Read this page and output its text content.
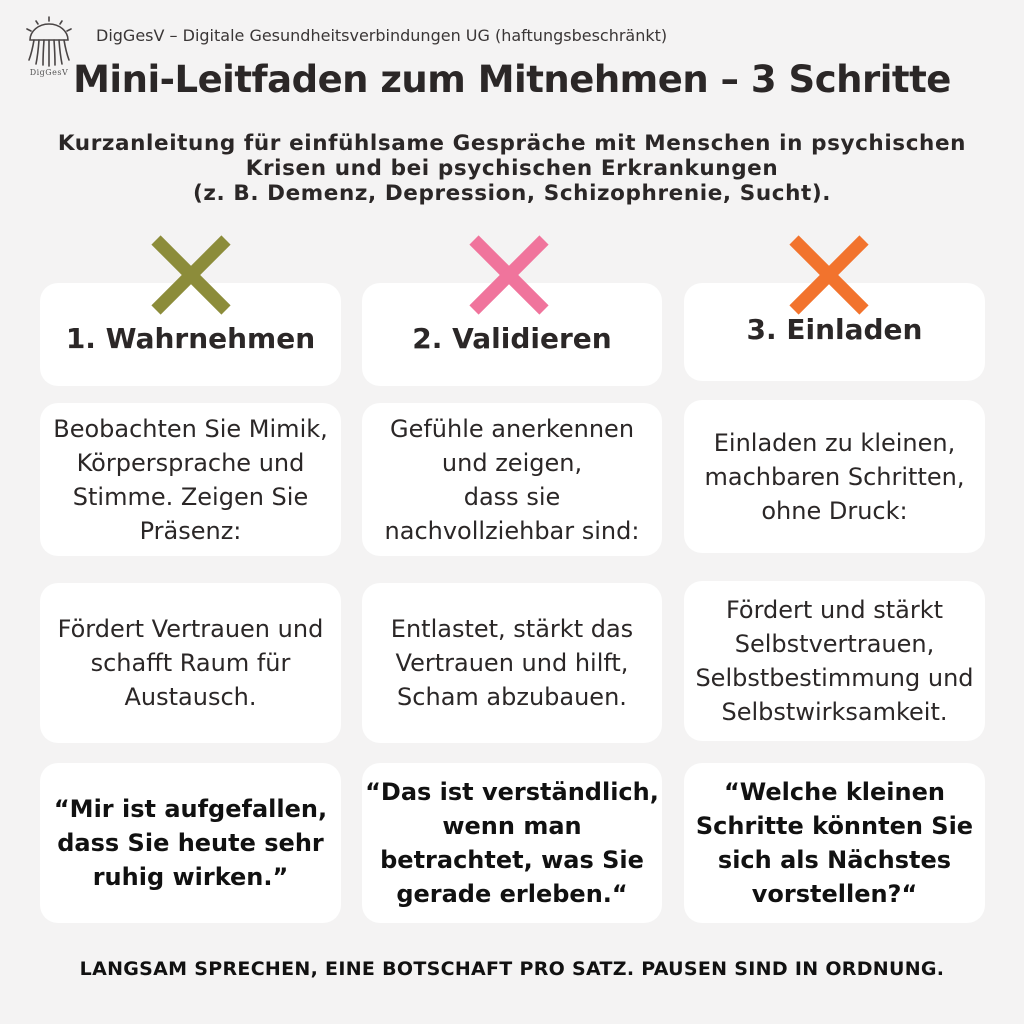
DigGesV
DigGesV – Digitale Gesundheitsverbindungen UG (haftungsbeschränkt)
Mini-Leitfaden zum Mitnehmen – 3 Schritte
Kurzanleitung für einfühlsame Gespräche mit Menschen in psychischen
Krisen und bei psychischen Erkrankungen
(z. B. Demenz, Depression, Schizophrenie, Sucht).
1. Wahrnehmen
Beobachten Sie Mimik,
Körpersprache und
Stimme. Zeigen Sie
Präsenz:
Fördert Vertrauen und
schafft Raum für
Austausch.
“Mir ist aufgefallen,
dass Sie heute sehr
ruhig wirken.”
2. Validieren
Gefühle anerkennen
und zeigen,
dass sie
nachvollziehbar sind:
Entlastet, stärkt das
Vertrauen und hilft,
Scham abzubauen.
“Das ist verständlich,
wenn man
betrachtet, was Sie
gerade erleben.“
3. Einladen
Einladen zu kleinen,
machbaren Schritten,
ohne Druck:
Fördert und stärkt
Selbstvertrauen,
Selbstbestimmung und
Selbstwirksamkeit.
“Welche kleinen
Schritte könnten Sie
sich als Nächstes
vorstellen?“
LANGSAM SPRECHEN, EINE BOTSCHAFT PRO SATZ. PAUSEN SIND IN ORDNUNG.
